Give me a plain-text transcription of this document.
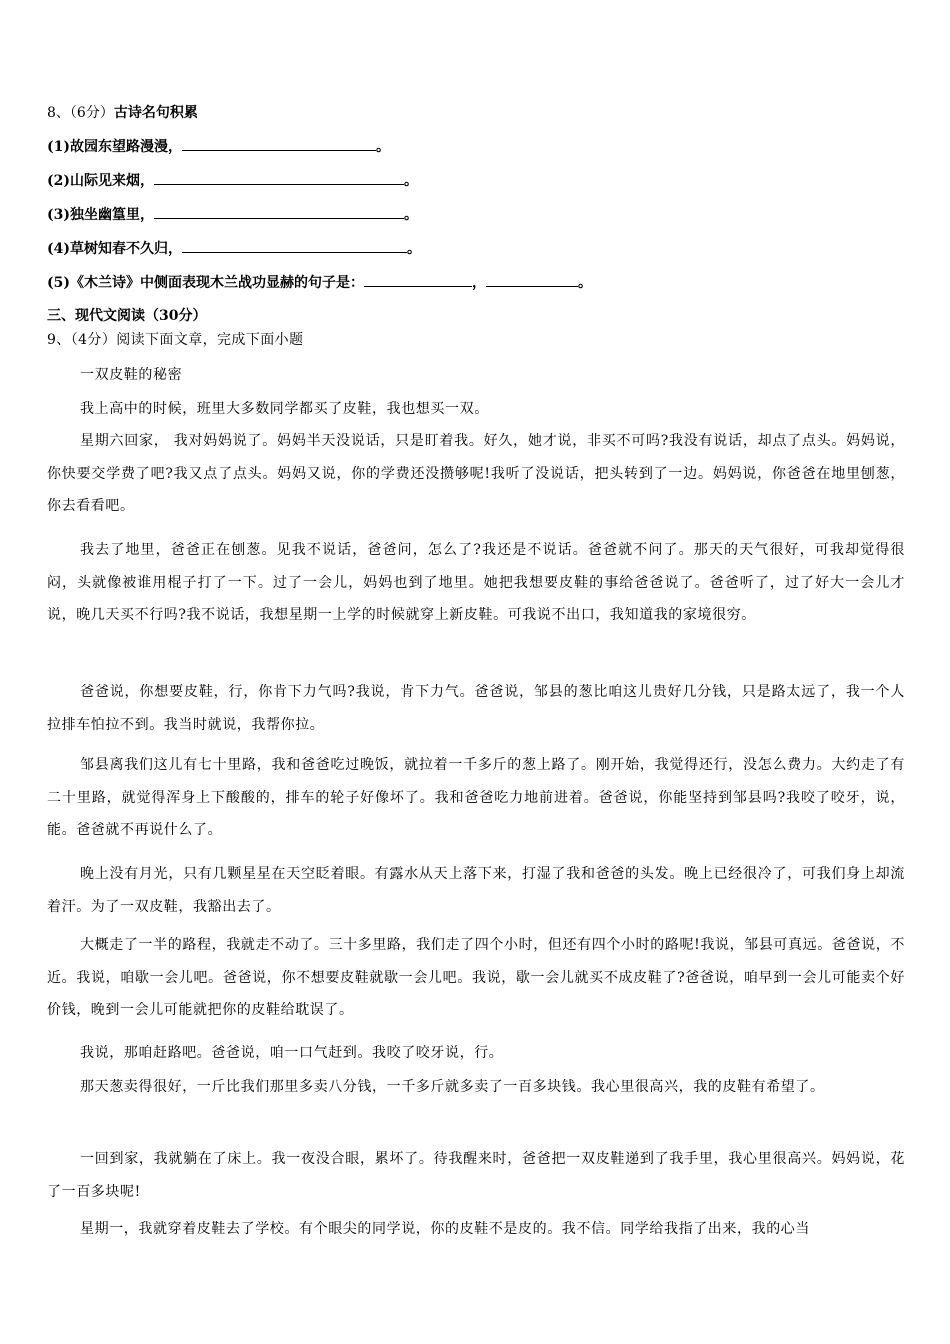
8、（6分）古诗名句积累
(1)故园东望路漫漫，	。
(2)山际见来烟，	。
(3)独坐幽篁里，	。
(4)草树知春不久归，	。
(5)《木兰诗》中侧面表现木兰战功显赫的句子是：	，	。
三、现代文阅读（30分）
9、（4分）阅读下面文章，完成下面小题
一双皮鞋的秘密

我上高中的时候，班里大多数同学都买了皮鞋，我也想买一双。

星期六回家， 我对妈妈说了。妈妈半天没说话，只是盯着我。好久，她才说，非买不可吗?我没有说话，却点了点头。妈妈说，你快要交学费了吧?我又点了点头。妈妈又说，你的学费还没攒够呢!我听了没说话，把头转到了一边。妈妈说，你爸爸在地里刨葱，你去看看吧。

我去了地里，爸爸正在刨葱。见我不说话，爸爸问，怎么了?我还是不说话。爸爸就不问了。那天的天气很好，可我却觉得很闷，头就像被谁用棍子打了一下。过了一会儿，妈妈也到了地里。她把我想要皮鞋的事给爸爸说了。爸爸听了，过了好大一会儿才说，晚几天买不行吗?我不说话，我想星期一上学的时候就穿上新皮鞋。可我说不出口，我知道我的家境很穷。

爸爸说，你想要皮鞋，行，你肯下力气吗?我说，肯下力气。爸爸说，邹县的葱比咱这儿贵好几分钱，只是路太远了，我一个人拉排车怕拉不到。我当时就说，我帮你拉。

邹县离我们这儿有七十里路，我和爸爸吃过晚饭，就拉着一千多斤的葱上路了。刚开始，我觉得还行，没怎么费力。大约走了有二十里路，就觉得浑身上下酸酸的，排车的轮子好像坏了。我和爸爸吃力地前进着。爸爸说，你能坚持到邹县吗?我咬了咬牙，说，能。爸爸就不再说什么了。

晚上没有月光，只有几颗星星在天空眨着眼。有露水从天上落下来，打湿了我和爸爸的头发。晚上已经很冷了，可我们身上却流着汗。为了一双皮鞋，我豁出去了。

大概走了一半的路程，我就走不动了。三十多里路，我们走了四个小时，但还有四个小时的路呢!我说，邹县可真远。爸爸说，不近。我说，咱歇一会儿吧。爸爸说，你不想要皮鞋就歇一会儿吧。我说，歇一会儿就买不成皮鞋了?爸爸说，咱早到一会儿可能卖个好价钱，晚到一会儿可能就把你的皮鞋给耽误了。

我说，那咱赶路吧。爸爸说，咱一口气赶到。我咬了咬牙说，行。

那天葱卖得很好，一斤比我们那里多卖八分钱，一千多斤就多卖了一百多块钱。我心里很高兴，我的皮鞋有希望了。

一回到家，我就躺在了床上。我一夜没合眼，累坏了。待我醒来时，爸爸把一双皮鞋递到了我手里，我心里很高兴。妈妈说，花了一百多块呢!

星期一，我就穿着皮鞋去了学校。有个眼尖的同学说，你的皮鞋不是皮的。我不信。同学给我指了出来，我的心当
